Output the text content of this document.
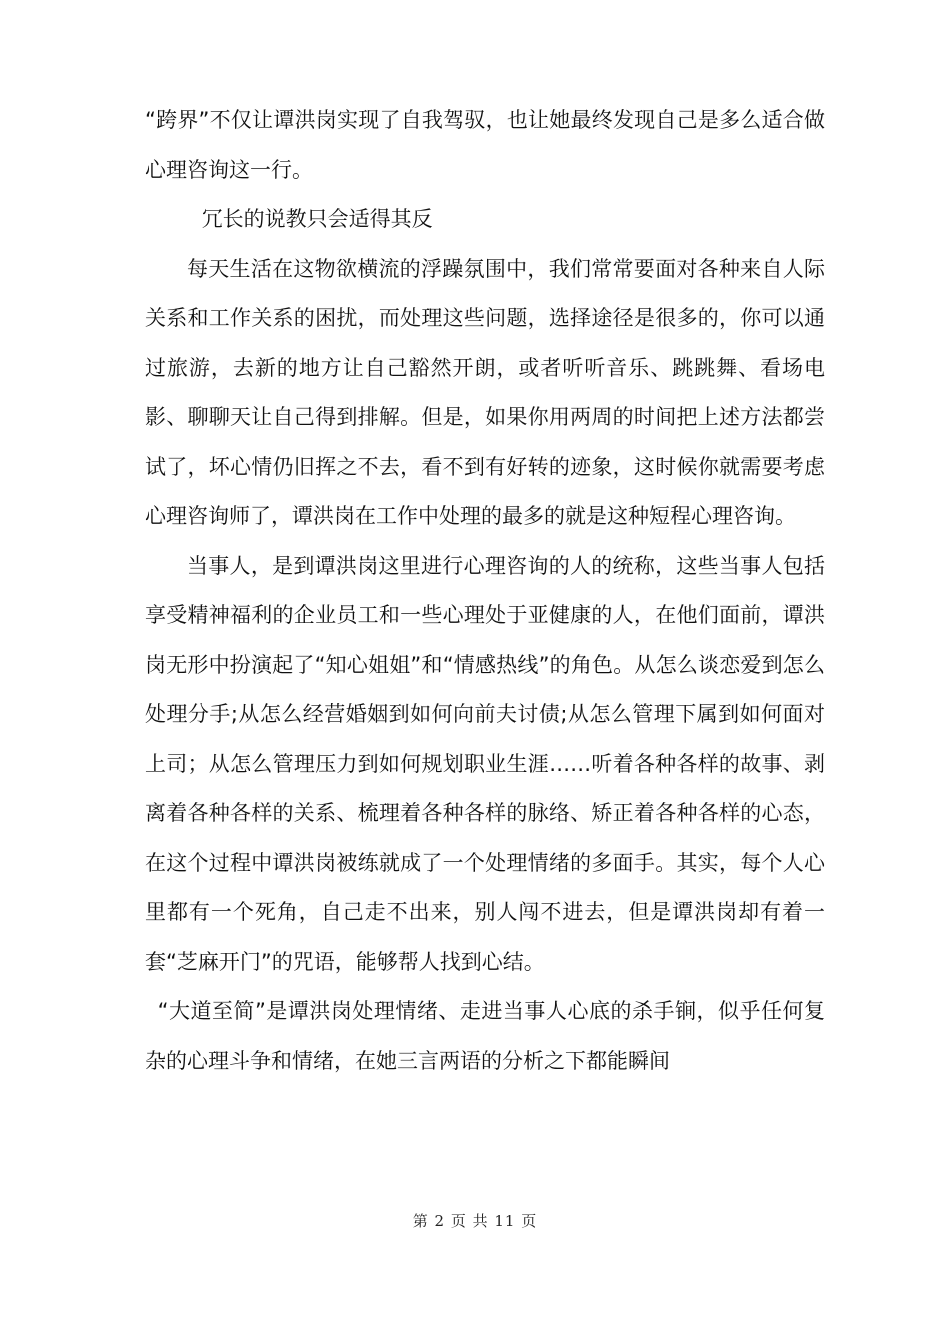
“跨界”不仅让谭洪岗实现了自我驾驭，也让她最终发现自己是多么适合做心理咨询这一行。

冗长的说教只会适得其反

每天生活在这物欲横流的浮躁氛围中，我们常常要面对各种来自人际关系和工作关系的困扰，而处理这些问题，选择途径是很多的，你可以通过旅游，去新的地方让自己豁然开朗，或者听听音乐、跳跳舞、看场电影、聊聊天让自己得到排解。但是，如果你用两周的时间把上述方法都尝试了，坏心情仍旧挥之不去，看不到有好转的迹象，这时候你就需要考虑心理咨询师了，谭洪岗在工作中处理的最多的就是这种短程心理咨询。

当事人，是到谭洪岗这里进行心理咨询的人的统称，这些当事人包括享受精神福利的企业员工和一些心理处于亚健康的人，在他们面前，谭洪岗无形中扮演起了“知心姐姐”和“情感热线”的角色。从怎么谈恋爱到怎么处理分手;从怎么经营婚姻到如何向前夫讨债;从怎么管理下属到如何面对上司；从怎么管理压力到如何规划职业生涯……听着各种各样的故事、剥离着各种各样的关系、梳理着各种各样的脉络、矫正着各种各样的心态，在这个过程中谭洪岗被练就成了一个处理情绪的多面手。其实，每个人心里都有一个死角，自己走不出来，别人闯不进去，但是谭洪岗却有着一套“芝麻开门”的咒语，能够帮人找到心结。

“大道至简”是谭洪岗处理情绪、走进当事人心底的杀手锏，似乎任何复杂的心理斗争和情绪，在她三言两语的分析之下都能瞬间

第 2 页 共 11 页
